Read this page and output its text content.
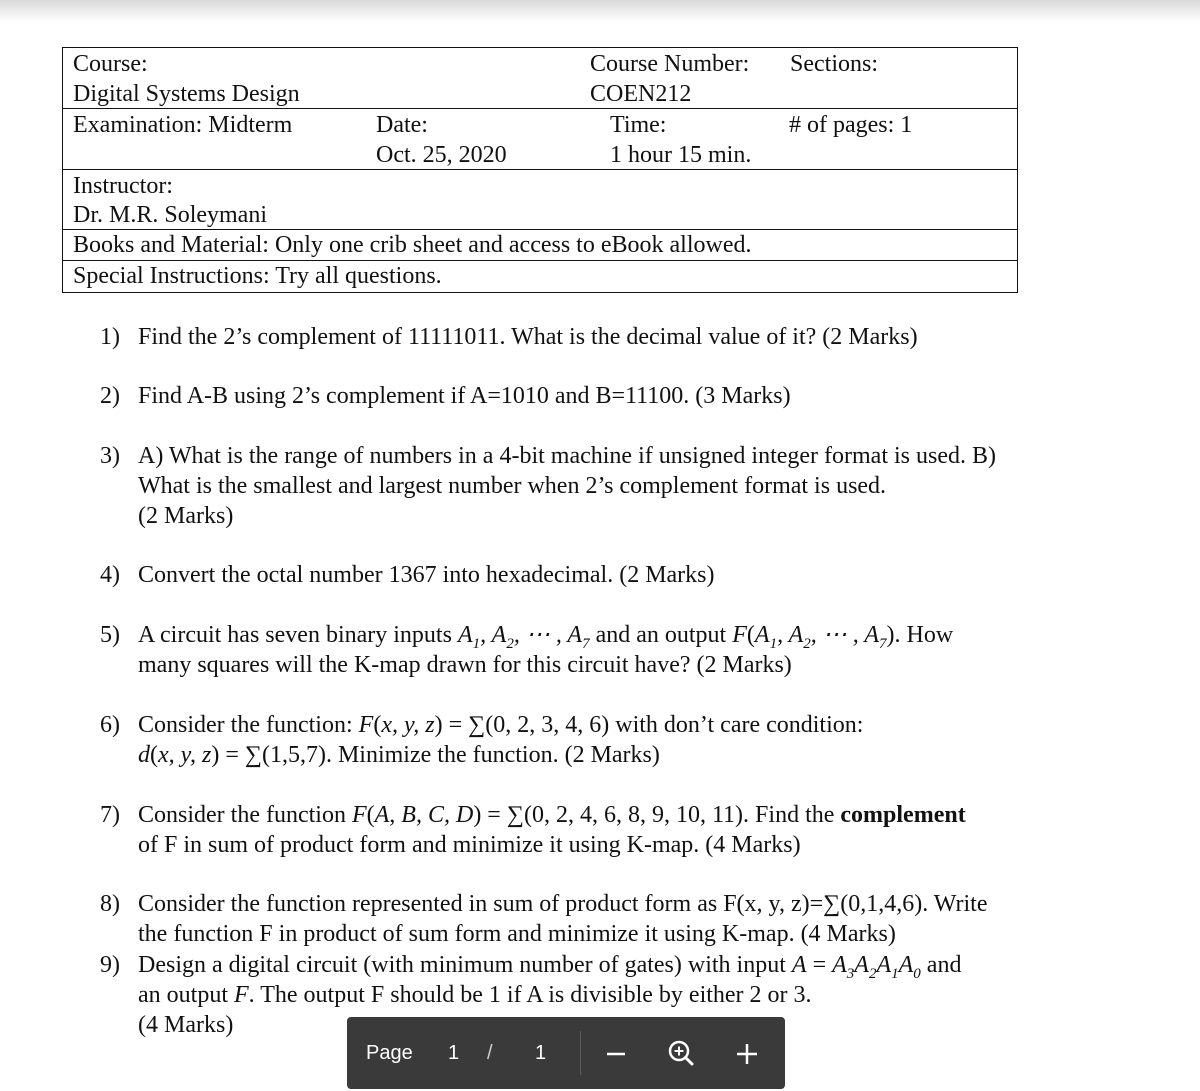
Course:
Digital Systems Design
Course Number:
COEN212
Sections:
Examination: Midterm	Date:
Oct. 25, 2020
Time:
1 hour 15 min.
# of pages: 1
Instructor:
Dr. M.R. Soleymani
Books and Material: Only one crib sheet and access to eBook allowed.
Special Instructions: Try all questions.
1) Find the 2’s complement of 11111011. What is the decimal value of it? (2 Marks)
2) Find A-B using 2’s complement if A=1010 and B=11100. (3 Marks)
3) A) What is the range of numbers in a 4-bit machine if unsigned integer format is used. B)
What is the smallest and largest number when 2’s complement format is used.
(2 Marks)
4) Convert the octal number 1367 into hexadecimal. (2 Marks)
5) A circuit has seven binary inputs $A_1$, $A_2$, ⋯ , $A_7$ and an output $F(A_1$, $A_2$, ⋯ , $A_7$). How
many squares will the K-map drawn for this circuit have? (2 Marks)
6) Consider the function: F(x, y, z) = ∑(0, 2, 3, 4, 6) with don’t care condition:
d(x, y, z) = ∑(1,5,7). Minimize the function. (2 Marks)
7) Consider the function F(A, B, C, D) = ∑(0, 2, 4, 6, 8, 9, 10, 11). Find the complement
of F in sum of product form and minimize it using K-map. (4 Marks)
8) Consider the function represented in sum of product form as F(x, y, z)=∑(0,1,4,6). Write
the function F in product of sum form and minimize it using K-map. (4 Marks)
9) Design a digital circuit (with minimum number of gates) with input $A = A_3A_2A_1A_0$ and
an output F. The output F should be 1 if A is divisible by either 2 or 3.
(4 Marks)
Page 1 / 1
